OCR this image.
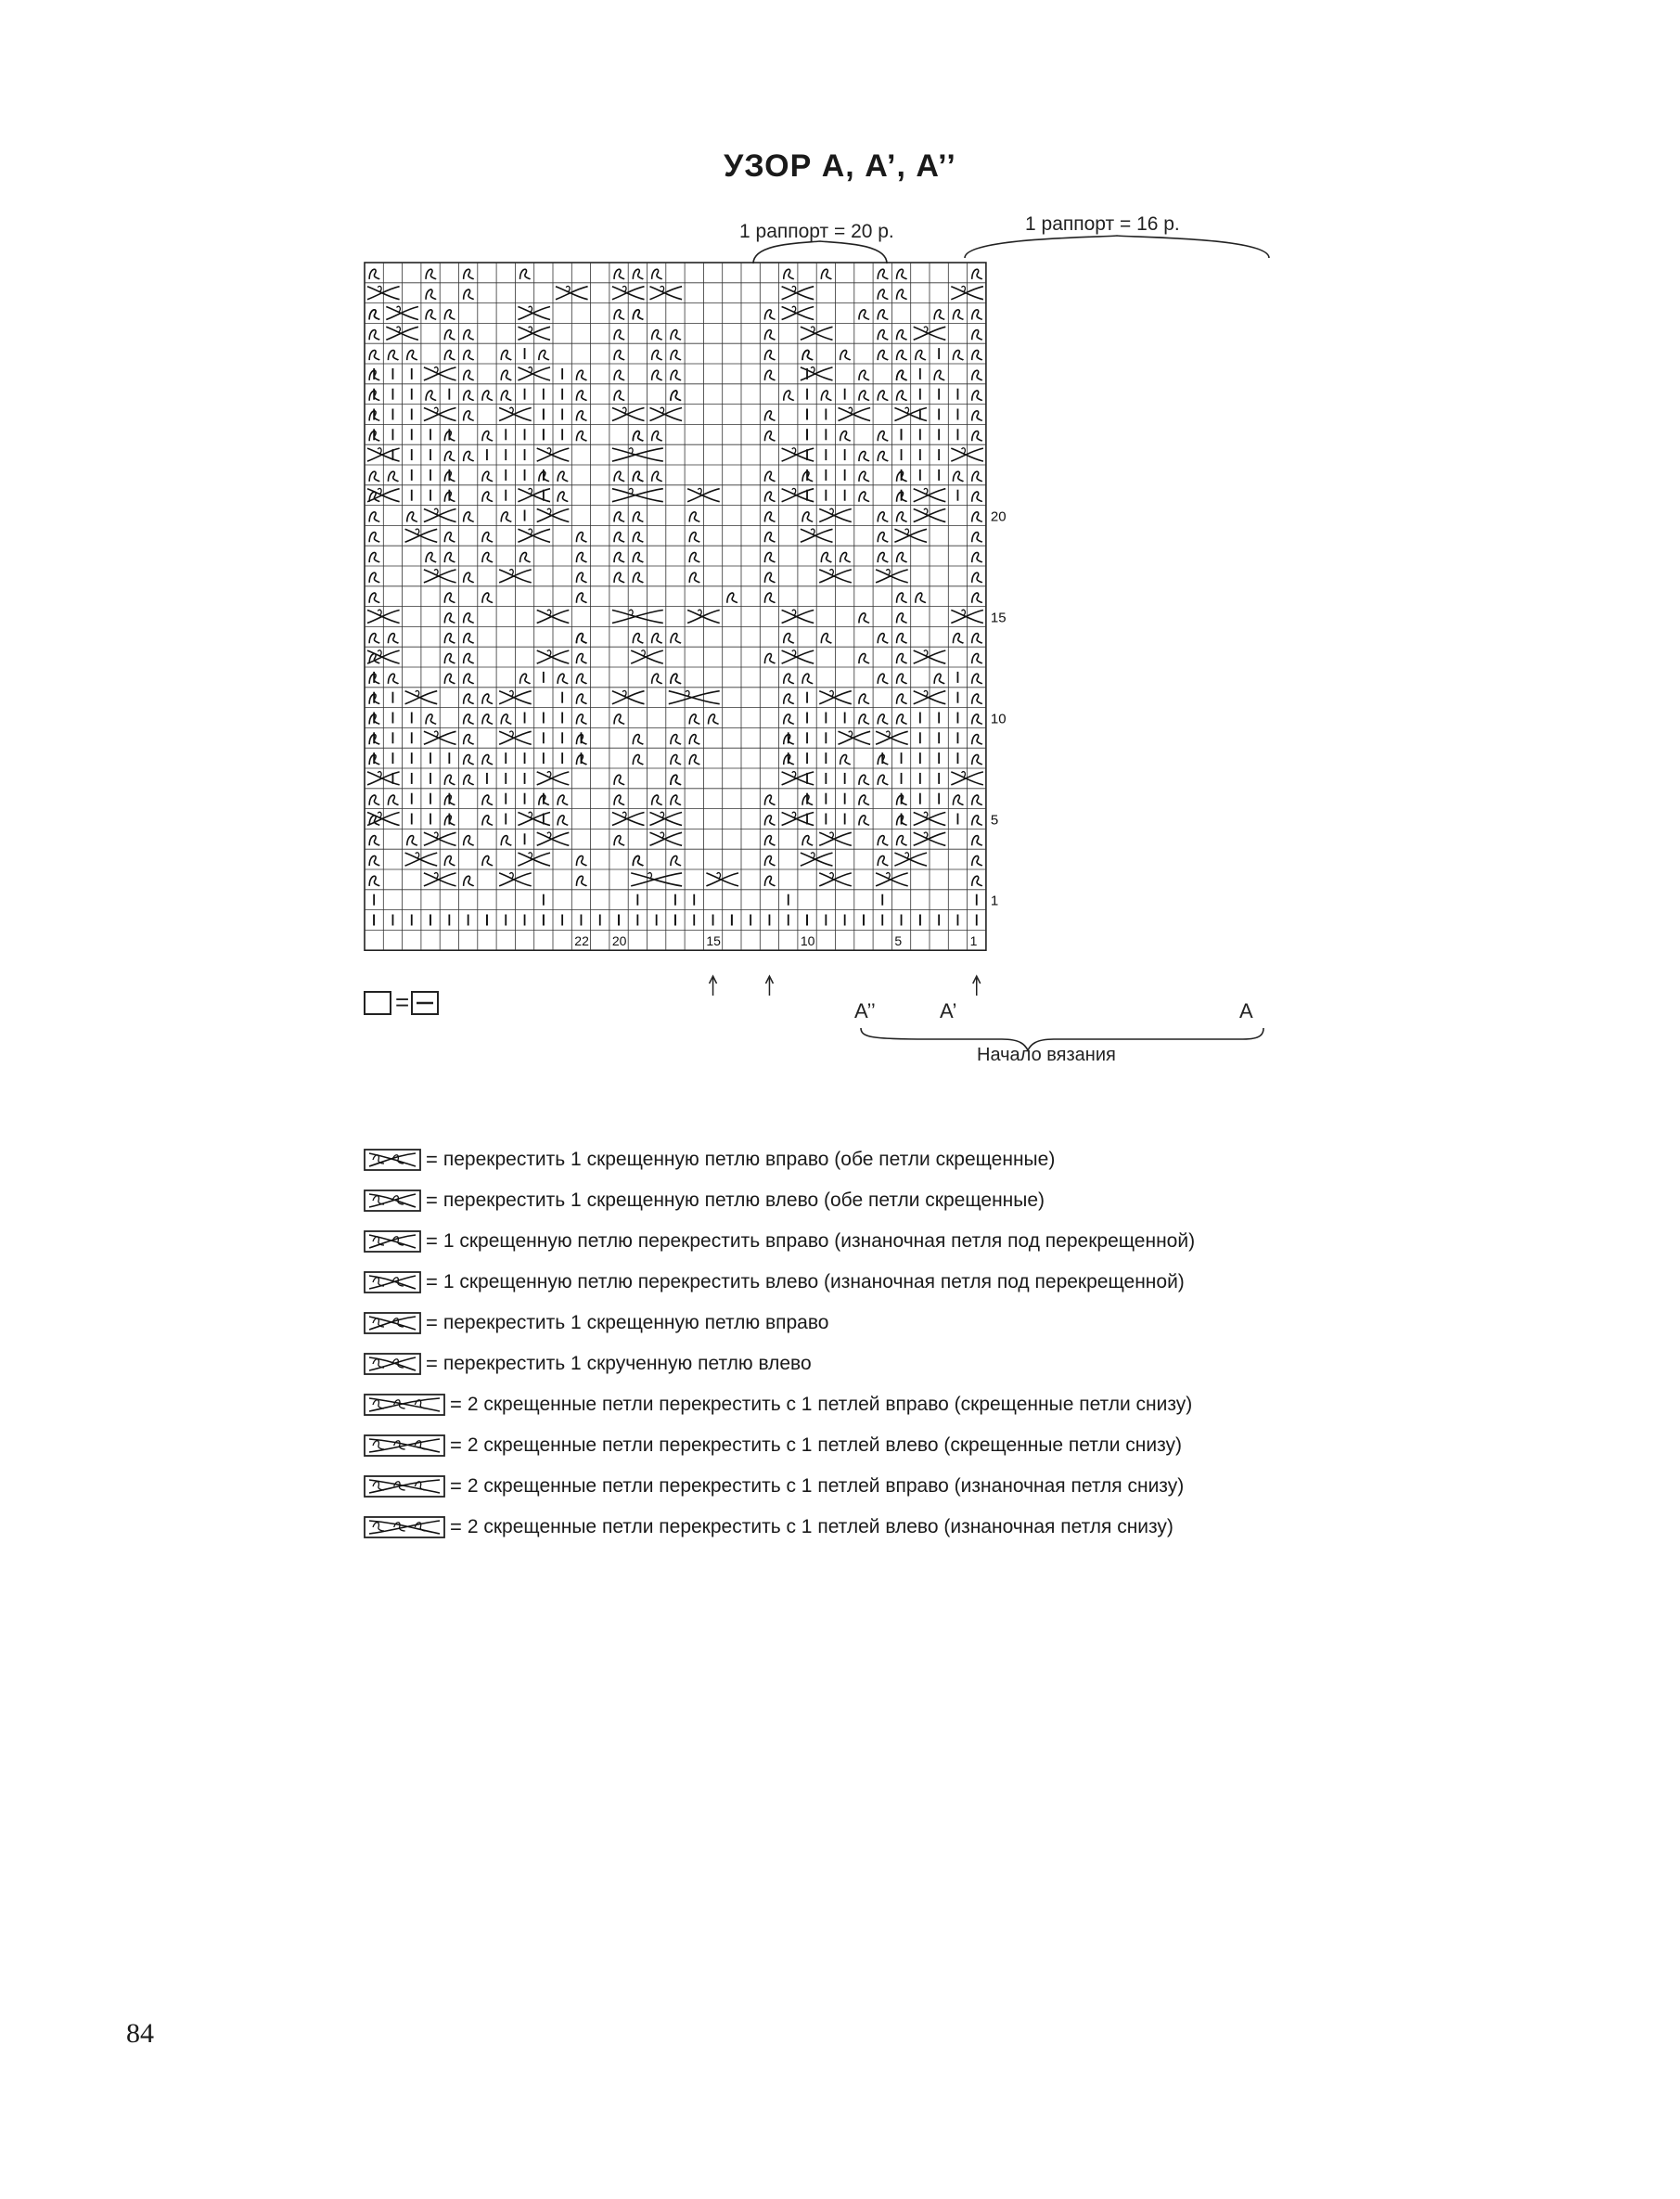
УЗОР А, А’, А’’
1 раппорт = 20 р.	1 раппорт = 16 р.
1
5
10
15
20
1
5
10
15
20
22
=	А’’	А’	А
Начало вязания
= перекрестить 1 скрещенную петлю вправо (обе петли скрещенные)
= перекрестить 1 скрещенную петлю влево (обе петли скрещенные)
= 1 скрещенную петлю перекрестить вправо (изнаночная петля под перекрещенной)
= 1 скрещенную петлю перекрестить влево (изнаночная петля под перекрещенной)
= перекрестить 1 скрещенную петлю вправо
= перекрестить 1 скрученную петлю влево
= 2 скрещенные петли перекрестить с 1 петлей вправо (скрещенные петли снизу)
= 2 скрещенные петли перекрестить с 1 петлей влево (скрещенные петли снизу)
= 2 скрещенные петли перекрестить с 1 петлей вправо (изнаночная петля снизу)
= 2 скрещенные петли перекрестить с 1 петлей влево (изнаночная петля снизу)
84
